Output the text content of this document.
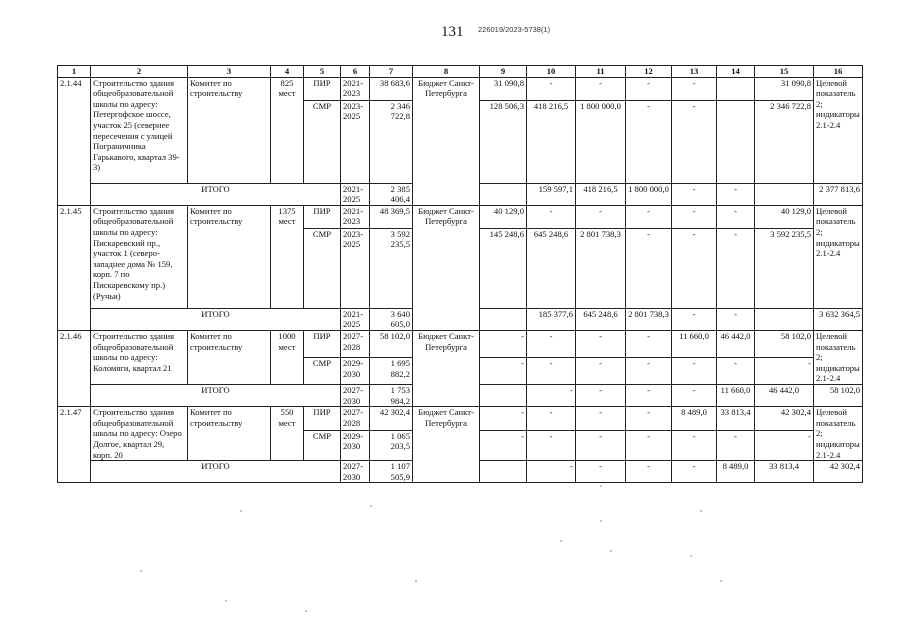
131 226019/2023-5738(1)
1	2	3	4	5	6	7	8	9	10	11	12	13	14	15	16	
2.1.44	Строительство здания общеобразовательной школы по адресу: Петергофское шоссе, участок 25 (севернее пересечения с улицей Пограничника Гарькавого, квартал 39-3)	Комитет по строительству	825 мест	ПИР	2021-2023	38 683,6	Бюджет Санкт-Петербурга	31 090,8	-	-	-	-		31 090,8	Целевой показатель 2; индикаторы 2.1-2.4	
				СМР	2023-2025	2 346 722,8		128 506,3	418 216,5	1 800 000,0	-	-		2 346 722,8		
	ИТОГО				2021-2025	2 385 406,4			159 597,1	418 216,5	1 800 000,0	-	-		2 377 813,6	
2.1.45	Строительство здания общеобразовательной школы по адресу: Пискаревский пр., участок 1 (северо-западнее дома № 159, корп. 7 по Пискаревскому пр.) (Ручьи)	Комитет по строительству	1375 мест	ПИР	2021-2023	48 369,5	Бюджет Санкт-Петербурга	40 129,0	-	-	-	-	-	40 129,0	Целевой показатель 2; индикаторы 2.1-2.4	
				СМР	2023-2025	3 592 235,5		145 248,6	645 248,6	2 801 738,3	-	-	-	3 592 235,5		
	ИТОГО				2021-2025	3 640 605,0			185 377,6	645 248,6	2 801 738,3	-	-		3 632 364,5	
2.1.46	Строительство здания общеобразовательной школы по адресу: Коломяги, квартал 21	Комитет по строительству	1000 мест	ПИР	2027-2028	58 102,0	Бюджет Санкт-Петербурга	-	-	-	-	11 660,0	46 442,0	58 102,0	Целевой показатель 2; индикаторы 2.1-2.4	
				СМР	2029-2030	1 695 882,2		-	-	-	-	-	-	-		
	ИТОГО				2027-2030	1 753 984,2			-	-	-	-	11 660,0	46 442,0	58 102,0	
2.1.47	Строительство здания общеобразовательной школы по адресу: Озеро Долгое, квартал 29, корп. 20	Комитет по строительству	550 мест	ПИР	2027-2028	42 302,4	Бюджет Санкт-Петербурга	-	-	-	-	8 489,0	33 813,4	42 302,4	Целевой показатель 2; индикаторы 2.1-2.4	
				СМР	2029-2030	1 065 203,5		-	-	-	-	-	-	-		
	ИТОГО				2027-2030	1 107 505,9			-	-	-	-	8 489,0	33 813,4	42 302,4	
